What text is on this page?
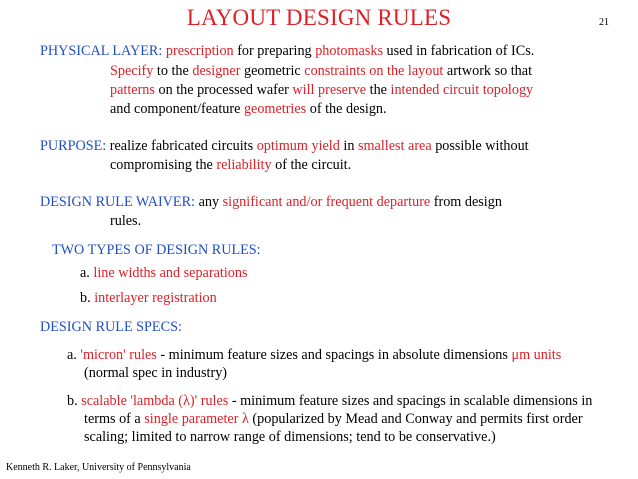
LAYOUT DESIGN RULES	21
PHYSICAL LAYER: prescription for preparing photomasks used in fabrication of ICs.
Specify to the designer geometric constraints on the layout artwork so that
patterns on the processed wafer will preserve the intended circuit topology
and component/feature geometries of the design.
PURPOSE: realize fabricated circuits optimum yield in smallest area possible without
compromising the reliability of the circuit.
DESIGN RULE WAIVER: any significant and/or frequent departure from design
rules.
TWO TYPES OF DESIGN RULES:
a. line widths and separations
b. interlayer registration
DESIGN RULE SPECS:
a. 'micron' rules - minimum feature sizes and spacings in absolute dimensions μm units
(normal spec in industry)
b. scalable 'lambda (λ)' rules - minimum feature sizes and spacings in scalable dimensions in
terms of a single parameter λ (popularized by Mead and Conway and permits first order
scaling; limited to narrow range of dimensions; tend to be conservative.)
Kenneth R. Laker, University of Pennsylvania
